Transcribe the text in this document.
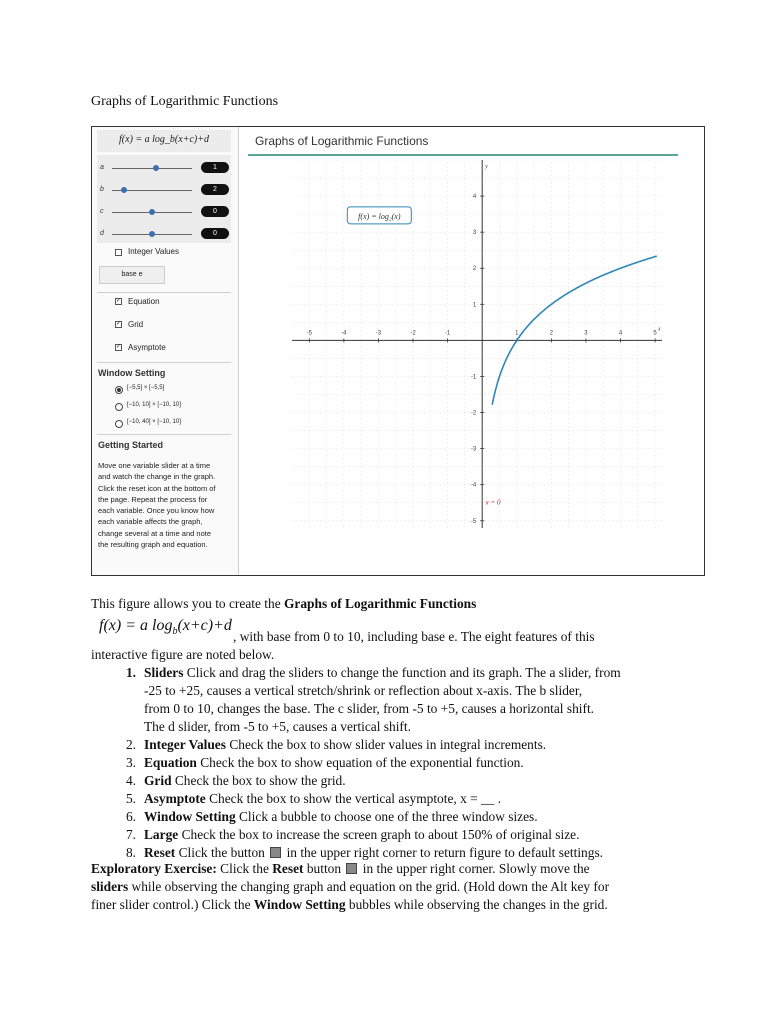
Graphs of Logarithmic Functions
f(x) = a log_b(x+c)+d
a	1
b	2
c	0
d	0
Integer Values
base e
✓ Equation
✓ Grid
✓ Asymptote
Window Setting
[−5,5] × [−5,5]
[−10, 10] × [−10, 10]
[−10, 40] × [−10, 10]
Getting Started
Move one variable slider at a time
and watch the change in the graph.
Click the reset icon at the bottom of
the page. Repeat the process for
each variable. Once you know how
each variable affects the graph,
change several at a time and note
the resulting graph and equation.
Graphs of Logarithmic Functions
-5	-4	-3	-2	-1	1	2	3	4	5
4
3
2
1
-1
-2
-3
-4
-5
x
y
f(x) = log₂(x)
x = 0
This figure allows you to create the Graphs of Logarithmic Functions
f(x) = a $\log_b(x+c)+d$
, with base from 0 to 10, including base e. The eight features of this
interactive figure are noted below.
1. Sliders Click and drag the sliders to change the function and its graph. The a slider, from
-25 to +25, causes a vertical stretch/shrink or reflection about x-axis. The b slider,
from 0 to 10, changes the base. The c slider, from -5 to +5, causes a horizontal shift.
The d slider, from -5 to +5, causes a vertical shift.
2. Integer Values Check the box to show slider values in integral increments.
3. Equation Check the box to show equation of the exponential function.
4. Grid Check the box to show the grid.
5. Asymptote Check the box to show the vertical asymptote, x = __ .
6. Window Setting Click a bubble to choose one of the three window sizes.
7. Large Check the box to increase the screen graph to about 150% of original size.
8. Reset Click the button  in the upper right corner to return figure to default settings.
Exploratory Exercise: Click the Reset button  in the upper right corner. Slowly move the
sliders while observing the changing graph and equation on the grid. (Hold down the Alt key for
finer slider control.) Click the Window Setting bubbles while observing the changes in the grid.
